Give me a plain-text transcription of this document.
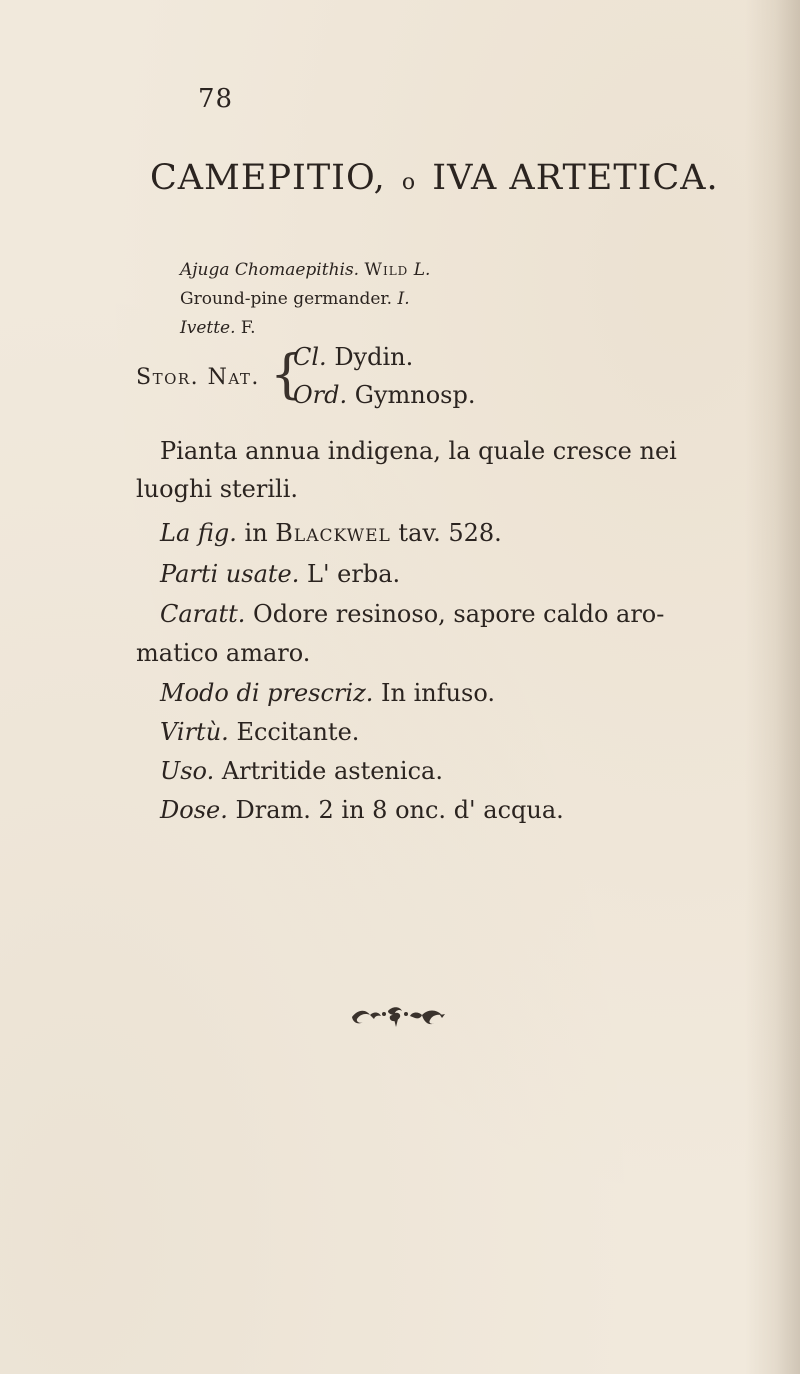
78
CAMEPITIO, o IVA ARTETICA.
Ajuga Chomaepithis. Wild L.
Ground-pine germander. I.
Ivette. F.
Stor. Nat. {
Cl. Dydin.
Ord. Gymnosp.
Pianta annua indigena, la quale cresce nei
luoghi sterili.
La fig. in Blackwel tav. 528.
Parti usate. L' erba.
Caratt. Odore resinoso, sapore caldo aro-
matico amaro.
Modo di prescriz. In infuso.
Virtù. Eccitante.
Uso. Artritide astenica.
Dose. Dram. 2 in 8 onc. d' acqua.
